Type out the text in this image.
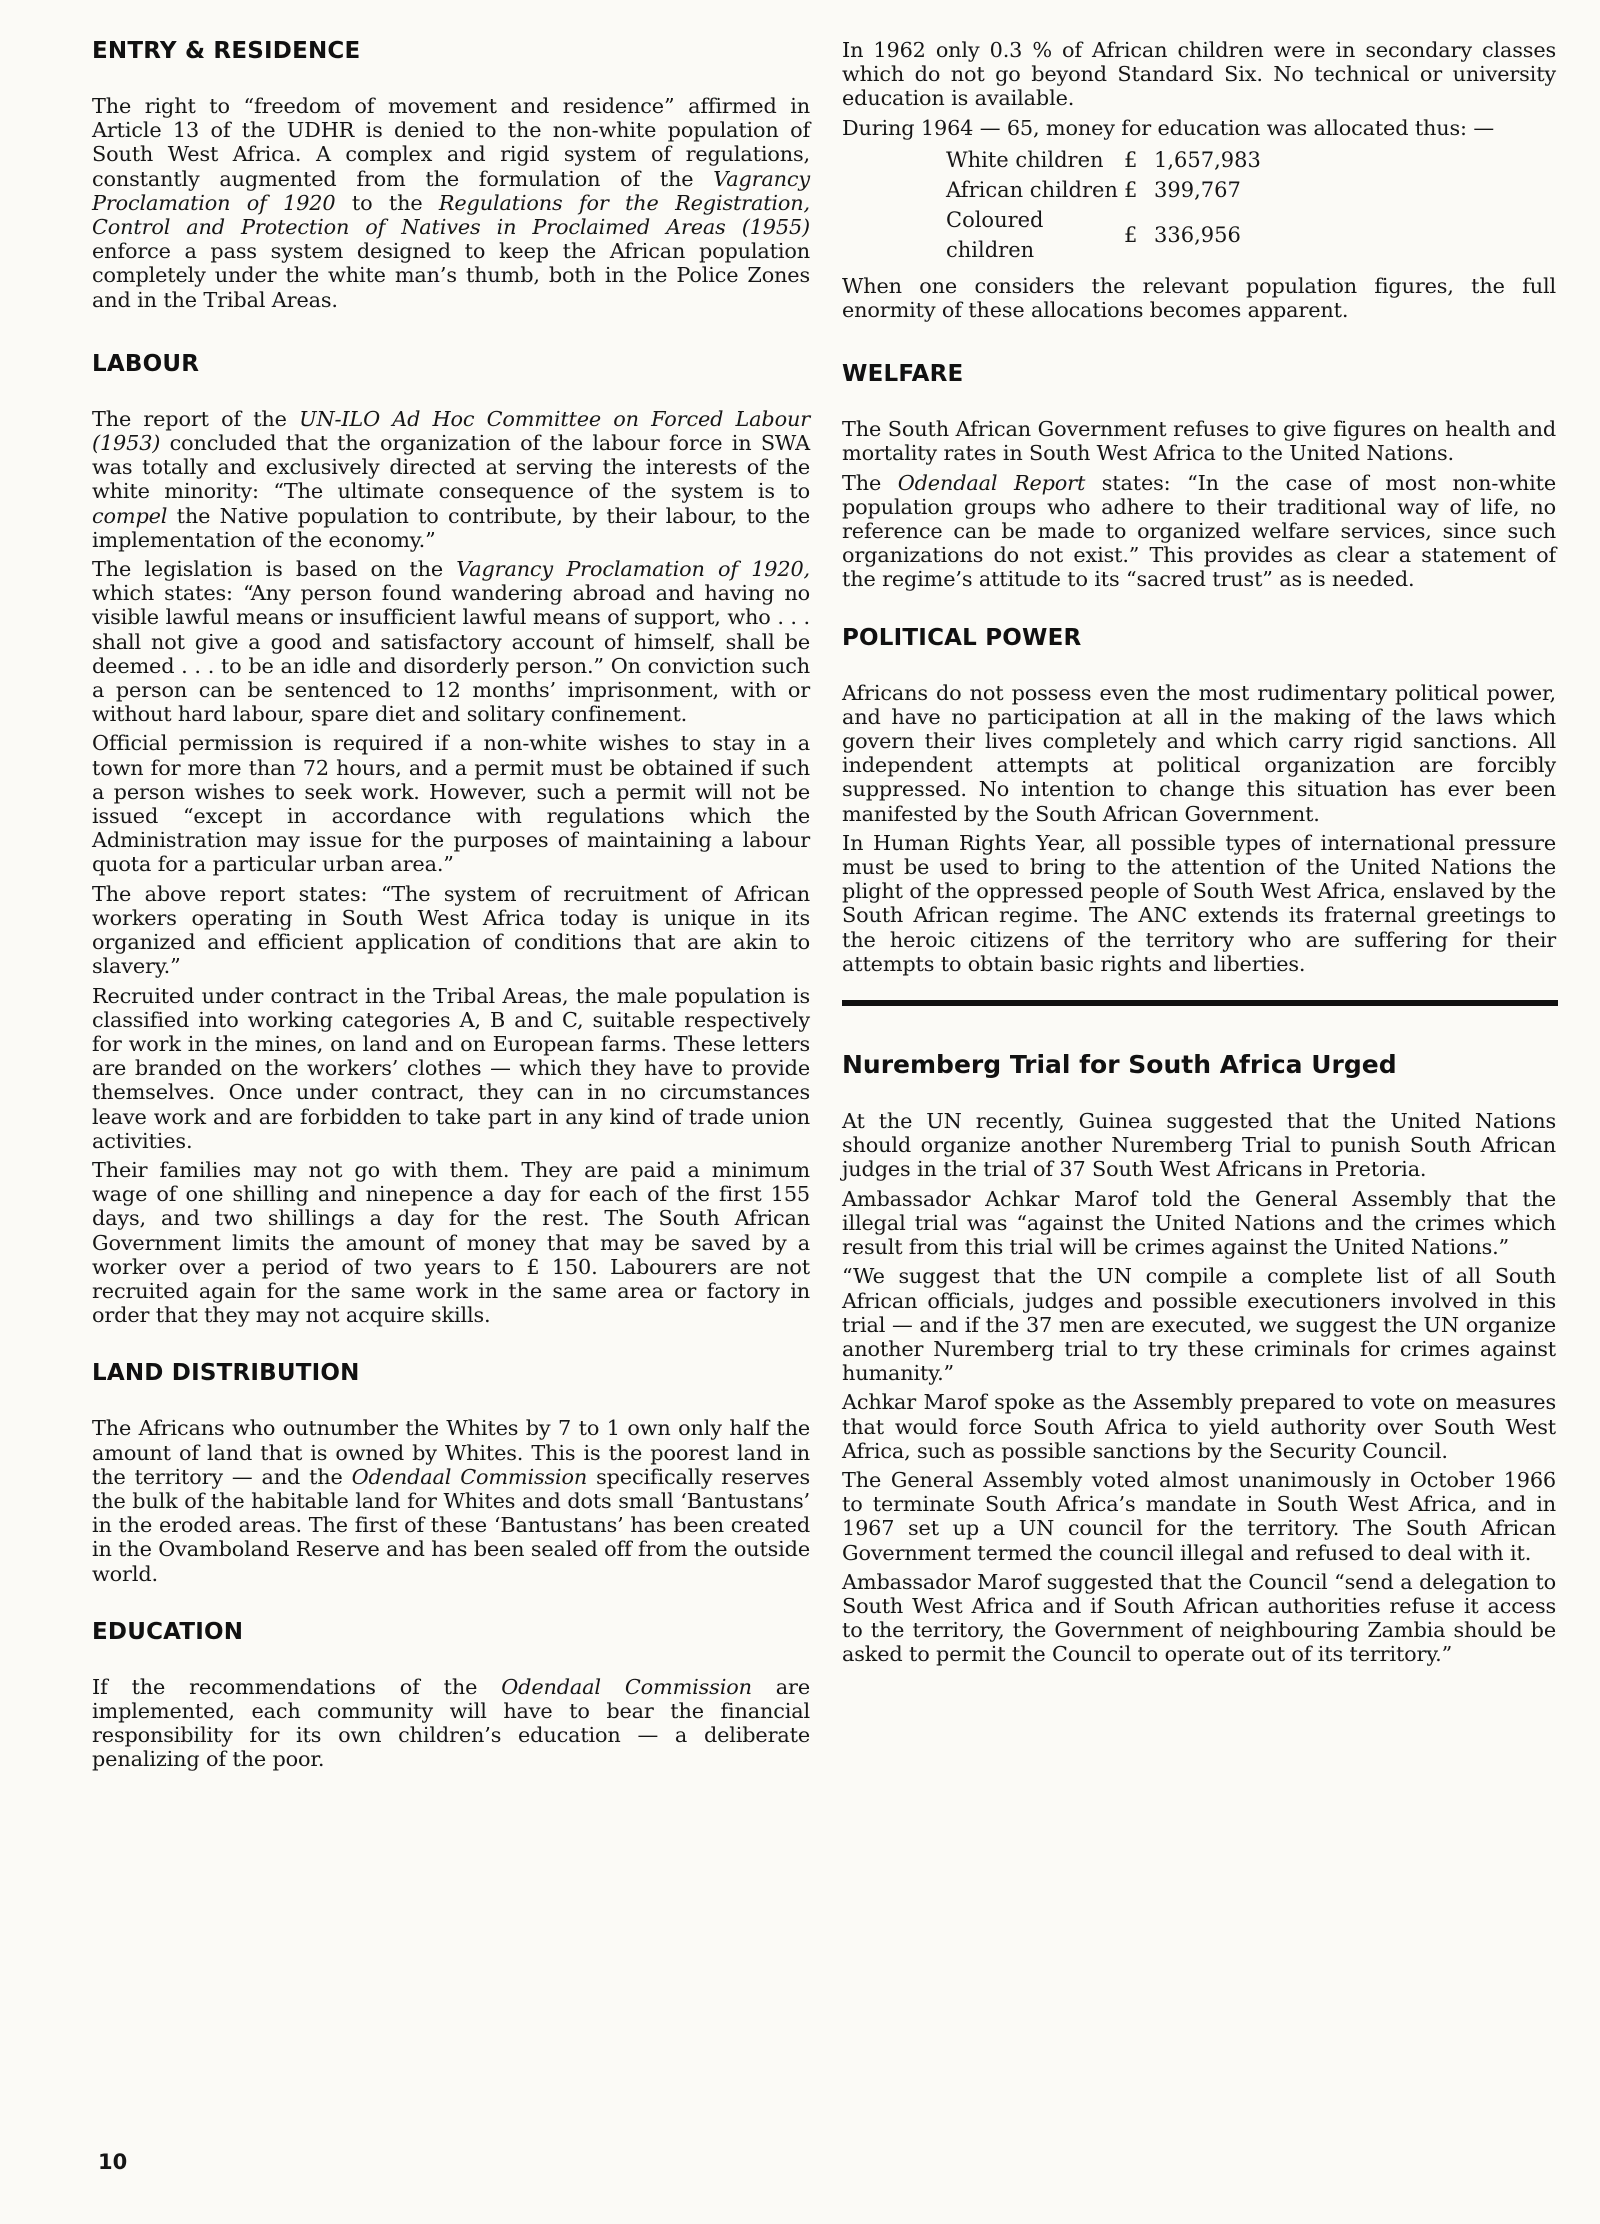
ENTRY & RESIDENCE

The right to “freedom of movement and residence” affirmed in Article 13 of the UDHR is denied to the non-white population of South West Africa. A complex and rigid system of regulations, constantly augmented from the formulation of the Vagrancy Proclamation of 1920 to the Regulations for the Registration, Control and Protection of Natives in Proclaimed Areas (1955) enforce a pass system designed to keep the African population completely under the white man’s thumb, both in the Police Zones and in the Tribal Areas.

LABOUR

The report of the UN-ILO Ad Hoc Committee on Forced Labour (1953) concluded that the organization of the labour force in SWA was totally and exclusively directed at serving the interests of the white minority: “The ultimate consequence of the system is to compel the Native population to contribute, by their labour, to the implementation of the economy.”

The legislation is based on the Vagrancy Proclamation of 1920, which states: “Any person found wandering abroad and having no visible lawful means or insufficient lawful means of support, who . . . shall not give a good and satisfactory account of himself, shall be deemed . . . to be an idle and disorderly person.” On conviction such a person can be sentenced to 12 months’ imprisonment, with or without hard labour, spare diet and solitary confinement.

Official permission is required if a non-white wishes to stay in a town for more than 72 hours, and a permit must be obtained if such a person wishes to seek work. However, such a permit will not be issued “except in accordance with regulations which the Administration may issue for the purposes of maintaining a labour quota for a particular urban area.”

The above report states: “The system of recruitment of African workers operating in South West Africa today is unique in its organized and efficient application of conditions that are akin to slavery.”

Recruited under contract in the Tribal Areas, the male population is classified into working categories A, B and C, suitable respectively for work in the mines, on land and on European farms. These letters are branded on the workers’ clothes — which they have to provide themselves. Once under contract, they can in no circumstances leave work and are forbidden to take part in any kind of trade union activities.

Their families may not go with them. They are paid a minimum wage of one shilling and ninepence a day for each of the first 155 days, and two shillings a day for the rest. The South African Government limits the amount of money that may be saved by a worker over a period of two years to £ 150. Labourers are not recruited again for the same work in the same area or factory in order that they may not acquire skills.

LAND DISTRIBUTION

The Africans who outnumber the Whites by 7 to 1 own only half the amount of land that is owned by Whites. This is the poorest land in the territory — and the Odendaal Commission specifically reserves the bulk of the habitable land for Whites and dots small ‘Bantustans’ in the eroded areas. The first of these ‘Bantustans’ has been created in the Ovamboland Reserve and has been sealed off from the outside world.

EDUCATION

If the recommendations of the Odendaal Commission are implemented, each community will have to bear the financial responsibility for its own children’s education — a deliberate penalizing of the poor.

In 1962 only 0.3 % of African children were in secondary classes which do not go beyond Standard Six. No technical or university education is available.

During 1964 — 65, money for education was allocated thus: —

White children	£	1,657,983
African children	£	399,767
Coloured children	£	336,956

When one considers the relevant population figures, the full enormity of these allocations becomes apparent.

WELFARE

The South African Government refuses to give figures on health and mortality rates in South West Africa to the United Nations.

The Odendaal Report states: “In the case of most non-white population groups who adhere to their traditional way of life, no reference can be made to organized welfare services, since such organizations do not exist.” This provides as clear a statement of the regime’s attitude to its “sacred trust” as is needed.

POLITICAL POWER

Africans do not possess even the most rudimentary political power, and have no participation at all in the making of the laws which govern their lives completely and which carry rigid sanctions. All independent attempts at political organization are forcibly suppressed. No intention to change this situation has ever been manifested by the South African Government.

In Human Rights Year, all possible types of international pressure must be used to bring to the attention of the United Nations the plight of the oppressed people of South West Africa, enslaved by the South African regime. The ANC extends its fraternal greetings to the heroic citizens of the territory who are suffering for their attempts to obtain basic rights and liberties.

Nuremberg Trial for South Africa Urged

At the UN recently, Guinea suggested that the United Nations should organize another Nuremberg Trial to punish South African judges in the trial of 37 South West Africans in Pretoria.

Ambassador Achkar Marof told the General Assembly that the illegal trial was “against the United Nations and the crimes which result from this trial will be crimes against the United Nations.”

“We suggest that the UN compile a complete list of all South African officials, judges and possible executioners involved in this trial — and if the 37 men are executed, we suggest the UN organize another Nuremberg trial to try these criminals for crimes against humanity.”

Achkar Marof spoke as the Assembly prepared to vote on measures that would force South Africa to yield authority over South West Africa, such as possible sanctions by the Security Council.

The General Assembly voted almost unanimously in October 1966 to terminate South Africa’s mandate in South West Africa, and in 1967 set up a UN council for the territory. The South African Government termed the council illegal and refused to deal with it.

Ambassador Marof suggested that the Council “send a delegation to South West Africa and if South African authorities refuse it access to the territory, the Government of neighbouring Zambia should be asked to permit the Council to operate out of its territory.”

10
